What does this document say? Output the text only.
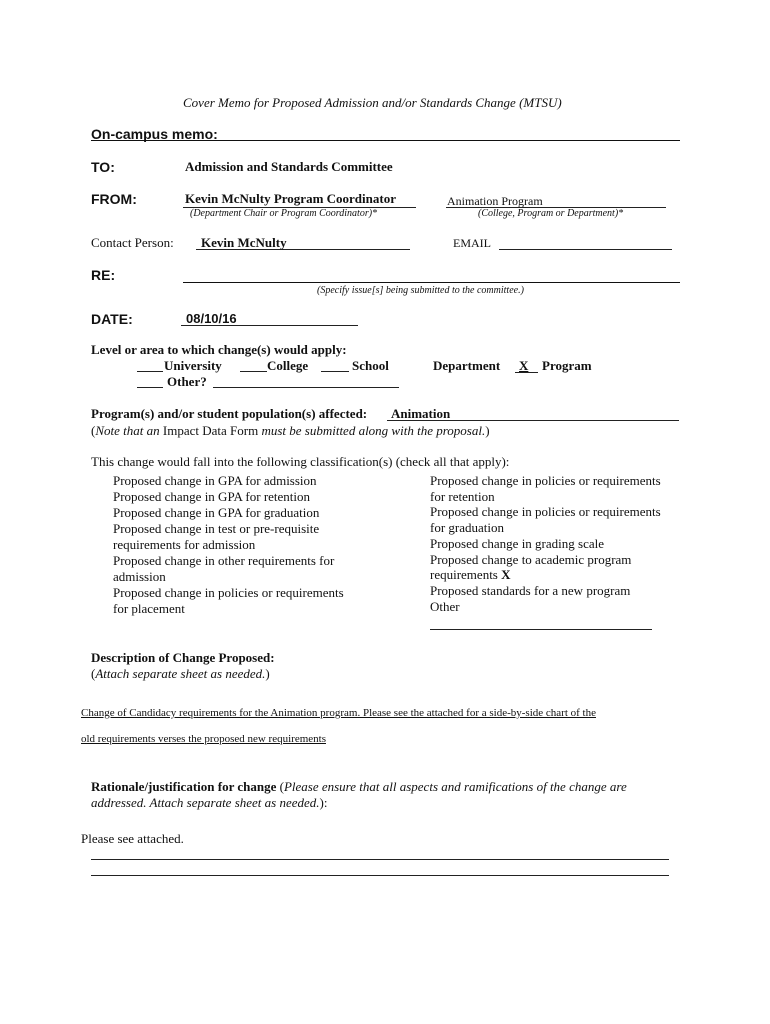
Cover Memo for Proposed Admission and/or Standards Change (MTSU)
On-campus memo:
TO:	Admission and Standards Committee
FROM:	Kevin McNulty Program Coordinator
(Department Chair or Program Coordinator)*
Animation Program
(College, Program or Department)*
Contact Person: Kevin McNulty	EMAIL
RE:
(Specify issue[s] being submitted to the committee.)
DATE:	08/10/16
Level or area to which change(s) would apply:
University	College	School	Department X Program
Other?
Program(s) and/or student population(s) affected: Animation
(Note that an Impact Data Form must be submitted along with the proposal.)
This change would fall into the following classification(s) (check all that apply):
Proposed change in GPA for admission
Proposed change in GPA for retention
Proposed change in GPA for graduation
Proposed change in test or pre-requisite
requirements for admission
Proposed change in other requirements for
admission
Proposed change in policies or requirements
for placement
Proposed change in policies or requirements
for retention
Proposed change in policies or requirements
for graduation
Proposed change in grading scale
Proposed change to academic program
requirements X
Proposed standards for a new program
Other
Description of Change Proposed:
(Attach separate sheet as needed.)
Change of Candidacy requirements for the Animation program. Please see the attached for a side-by-side chart of the
old requirements verses the proposed new requirements
Rationale/justification for change (Please ensure that all aspects and ramifications of the change are addressed. Attach separate sheet as needed.):
Please see attached.
